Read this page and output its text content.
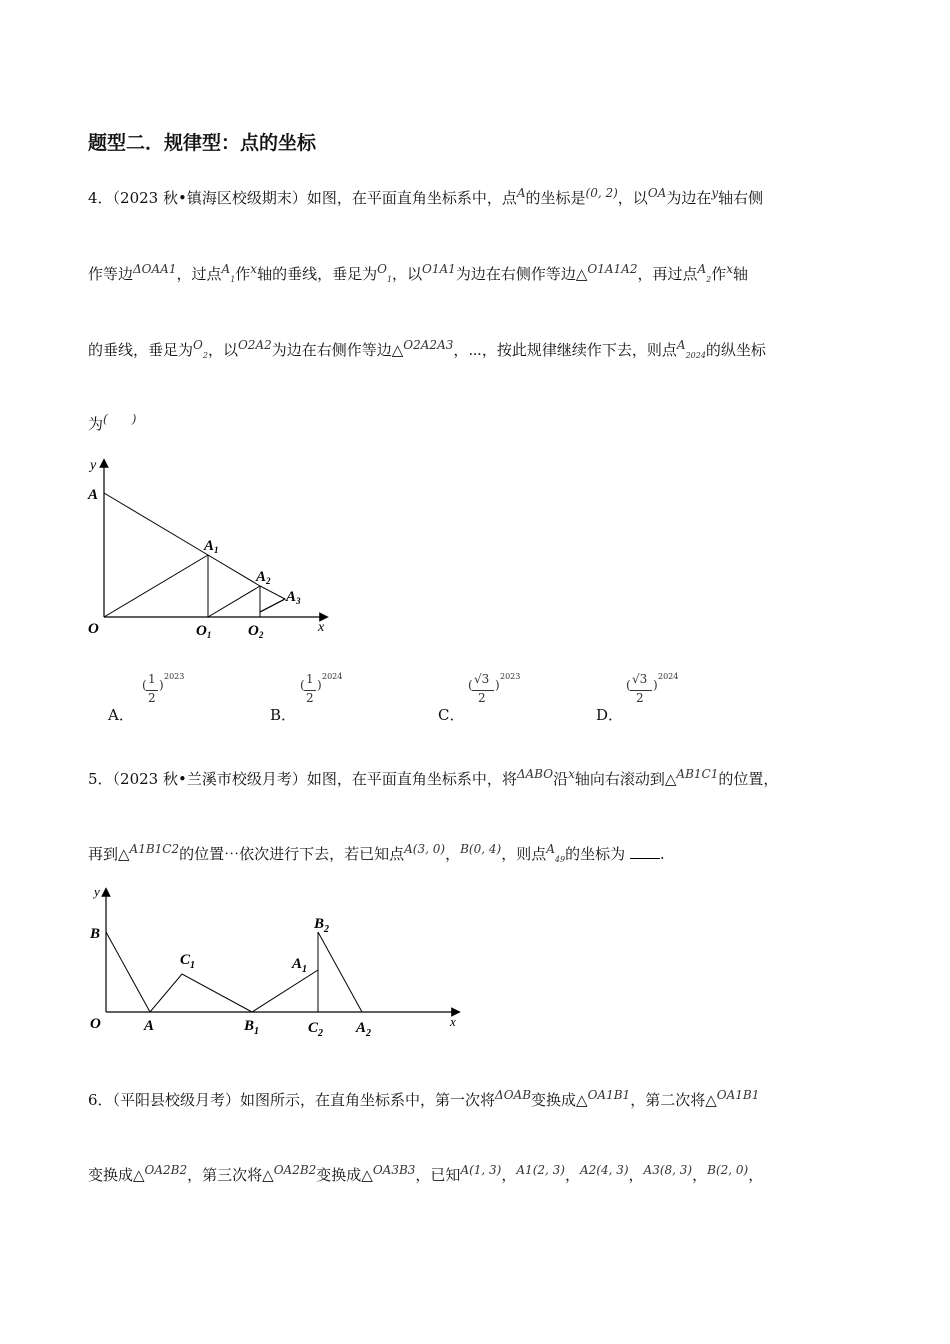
题型二．规律型：点的坐标
4．（2023 秋•镇海区校级期末）如图，在平面直角坐标系中，点$^A$的坐标是$^{(0, 2)}$，以$^{OA}$为边在$^y$轴右侧
作等边$^{\Delta OAA1}$，过点$^A_1$作$^x$轴的垂线，垂足为$^O_1$，以$^{O1A1}$为边在右侧作等边△$^{O1A1A2}$，再过点$^A_2$作$^x$轴
的垂线，垂足为$^O_2$，以$^{O2A2}$为边在右侧作等边△$^{O2A2A3}$，⋯，按此规律继续作下去，则点$^A_{2024}$的纵坐标
为(　　)
y
x
A
O
$A_1$
$A_2$
$A_3$
$O_1$ $O_2$
A．
( 1
2
)
2023
B．
( 1
2
)
2024
C．
( √3
2
)
2023
D．
( √3
2
)
2024
5．（2023 秋•兰溪市校级月考）如图，在平面直角坐标系中，将$^{\Delta ABO}$沿$^x$轴向右滚动到△$^{AB1C1}$的位置，
再到△$^{A1B1C2}$的位置⋯依次进行下去，若已知点$^{A(3, 0)}$，$^{B(0, 4)}$，则点$^A_{49}$的坐标为 .
y
x
B
O	A
$C_1$
$B_1$
$A_1$
$B_2$
$C_2$ $A_2$
6．（平阳县校级月考）如图所示，在直角坐标系中，第一次将$^{\Delta OAB}$变换成△$^{OA1B1}$，第二次将△$^{OA1B1}$
变换成△$^{OA2B2}$，第三次将△$^{OA2B2}$变换成△$^{OA3B3}$，已知$^{A(1, 3)}$，$^{A1(2, 3)}$，$^{A2(4, 3)}$，$^{A3(8, 3)}$，$^{B(2, 0)}$，
